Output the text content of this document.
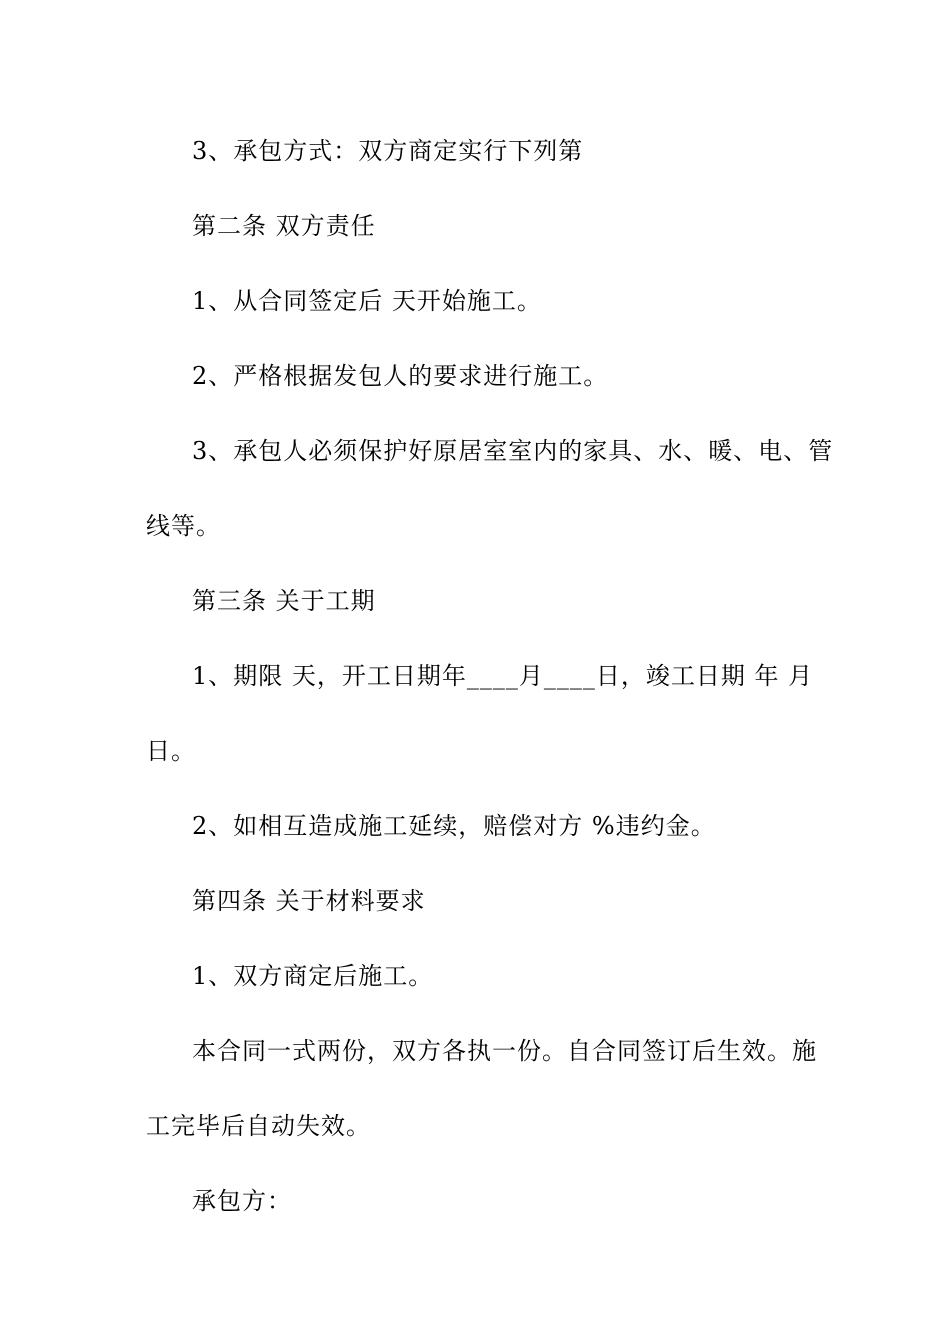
3、承包方式：双方商定实行下列第
第二条 双方责任
1、从合同签定后 天开始施工。
2、严格根据发包人的要求进行施工。
3、承包人必须保护好原居室室内的家具、水、暖、电、管
线等。
第三条 关于工期
1、期限 天，开工日期年____月____日，竣工日期 年 月
日。
2、如相互造成施工延续，赔偿对方 %违约金。
第四条 关于材料要求
1、双方商定后施工。
本合同一式两份，双方各执一份。自合同签订后生效。施
工完毕后自动失效。
承包方：
